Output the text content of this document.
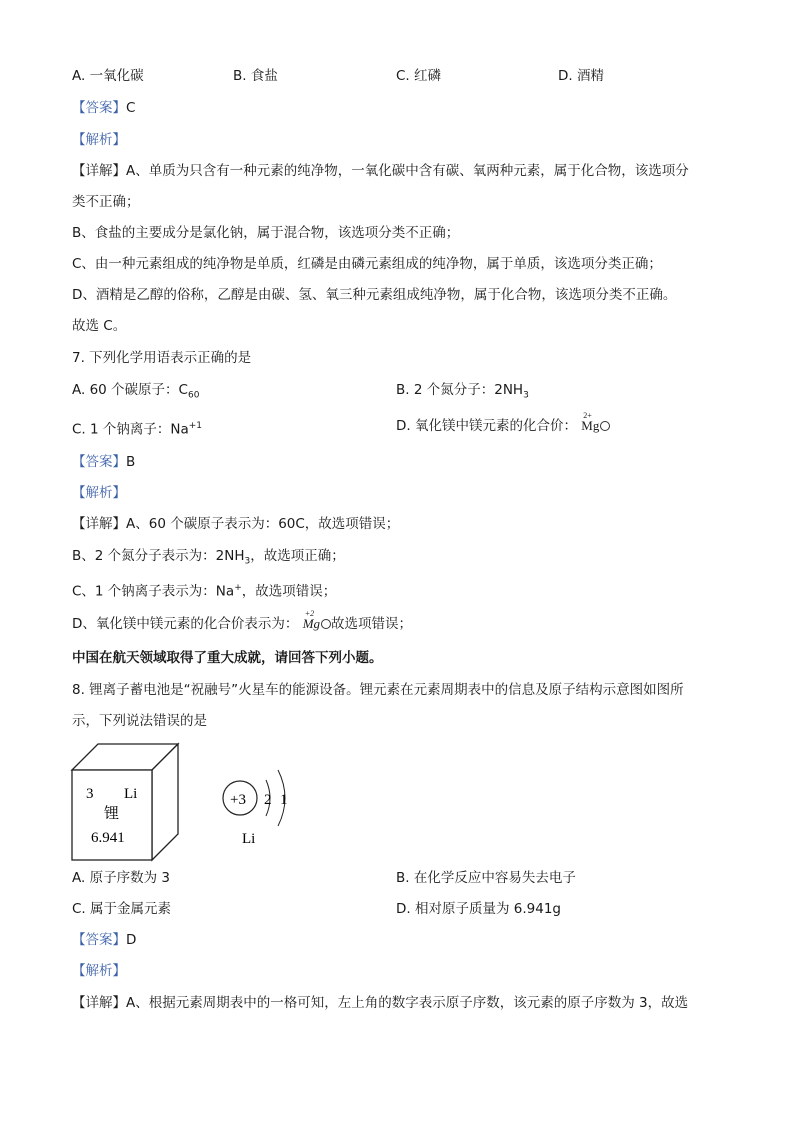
A. 一氧化碳	B. 食盐	C. 红磷	D. 酒精
【答案】C
【解析】
【详解】A、单质为只含有一种元素的纯净物，一氧化碳中含有碳、氧两种元素，属于化合物，该选项分
类不正确；
B、食盐的主要成分是氯化钠，属于混合物，该选项分类不正确；
C、由一种元素组成的纯净物是单质，红磷是由磷元素组成的纯净物，属于单质，该选项分类正确；
D、酒精是乙醇的俗称，乙醇是由碳、氢、氧三种元素组成纯净物，属于化合物，该选项分类不正确。
故选 C。
7. 下列化学用语表示正确的是
A. 60 个碳原子：$C_{60}$	B. 2 个氮分子：$2NH_3$
C. 1 个钠离子：$Na^{+1}$	D. 氧化镁中镁元素的化合价：
2+
Mg
【答案】B
【解析】
【详解】A、60 个碳原子表示为：60C，故选项错误；
B、2 个氮分子表示为：$2NH_3$，故选项正确；
C、1 个钠离子表示为：Na+，故选项错误；
D、氧化镁中镁元素的化合价表示为：
+2
Mg 故选项错误；
中国在航天领域取得了重大成就，请回答下列小题。
8. 锂离子蓄电池是“祝融号”火星车的能源设备。锂元素在元素周期表中的信息及原子结构示意图如图所
示，下列说法错误的是
3 Li
锂
6.941
+3 2 1
Li
A. 原子序数为 3	B. 在化学反应中容易失去电子
C. 属于金属元素	D. 相对原子质量为 6.941g
【答案】D
【解析】
【详解】A、根据元素周期表中的一格可知，左上角的数字表示原子序数，该元素的原子序数为 3，故选
